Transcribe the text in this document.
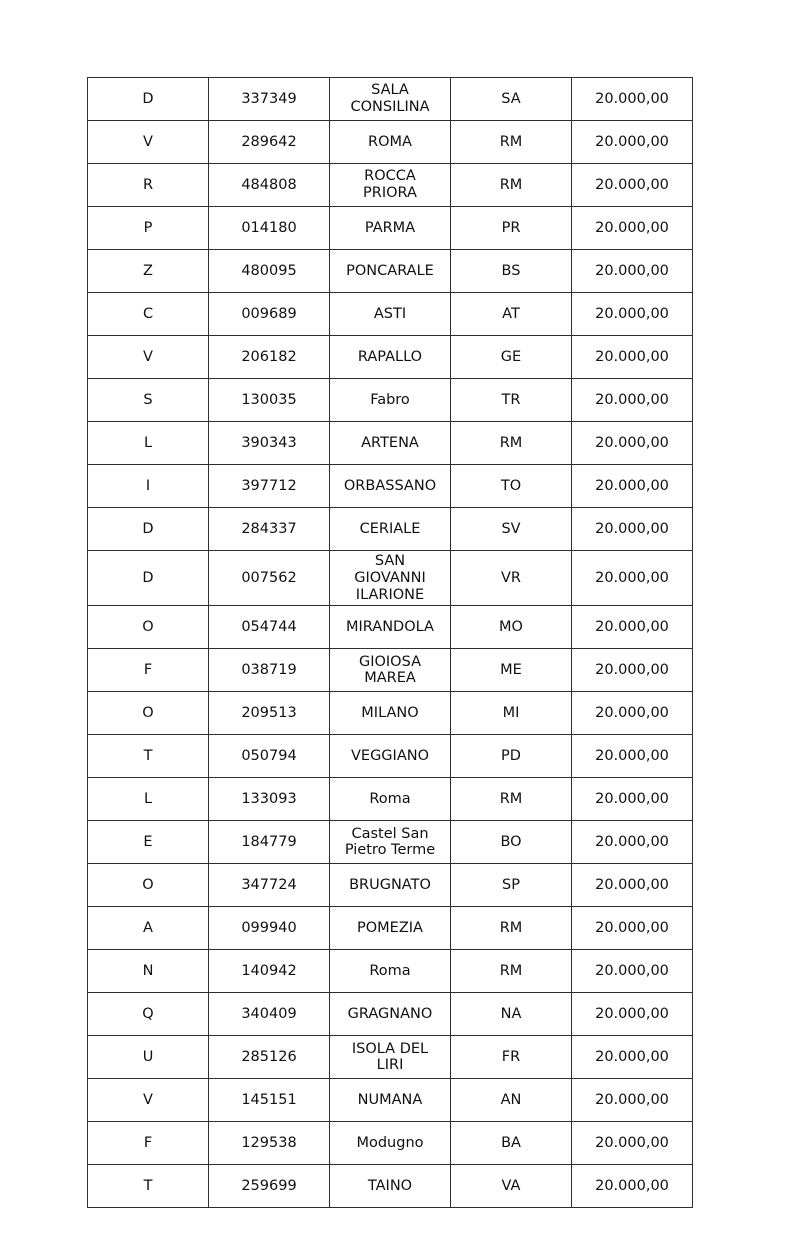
D	337349	SALA CONSILINA	SA	20.000,00
V	289642	ROMA	RM	20.000,00
R	484808	ROCCA PRIORA	RM	20.000,00
P	014180	PARMA	PR	20.000,00
Z	480095	PONCARALE	BS	20.000,00
C	009689	ASTI	AT	20.000,00
V	206182	RAPALLO	GE	20.000,00
S	130035	Fabro	TR	20.000,00
L	390343	ARTENA	RM	20.000,00
I	397712	ORBASSANO	TO	20.000,00
D	284337	CERIALE	SV	20.000,00
D	007562	SAN GIOVANNI ILARIONE	VR	20.000,00
O	054744	MIRANDOLA	MO	20.000,00
F	038719	GIOIOSA MAREA	ME	20.000,00
O	209513	MILANO	MI	20.000,00
T	050794	VEGGIANO	PD	20.000,00
L	133093	Roma	RM	20.000,00
E	184779	Castel San Pietro Terme	BO	20.000,00
O	347724	BRUGNATO	SP	20.000,00
A	099940	POMEZIA	RM	20.000,00
N	140942	Roma	RM	20.000,00
Q	340409	GRAGNANO	NA	20.000,00
U	285126	ISOLA DEL LIRI	FR	20.000,00
V	145151	NUMANA	AN	20.000,00
F	129538	Modugno	BA	20.000,00
T	259699	TAINO	VA	20.000,00
